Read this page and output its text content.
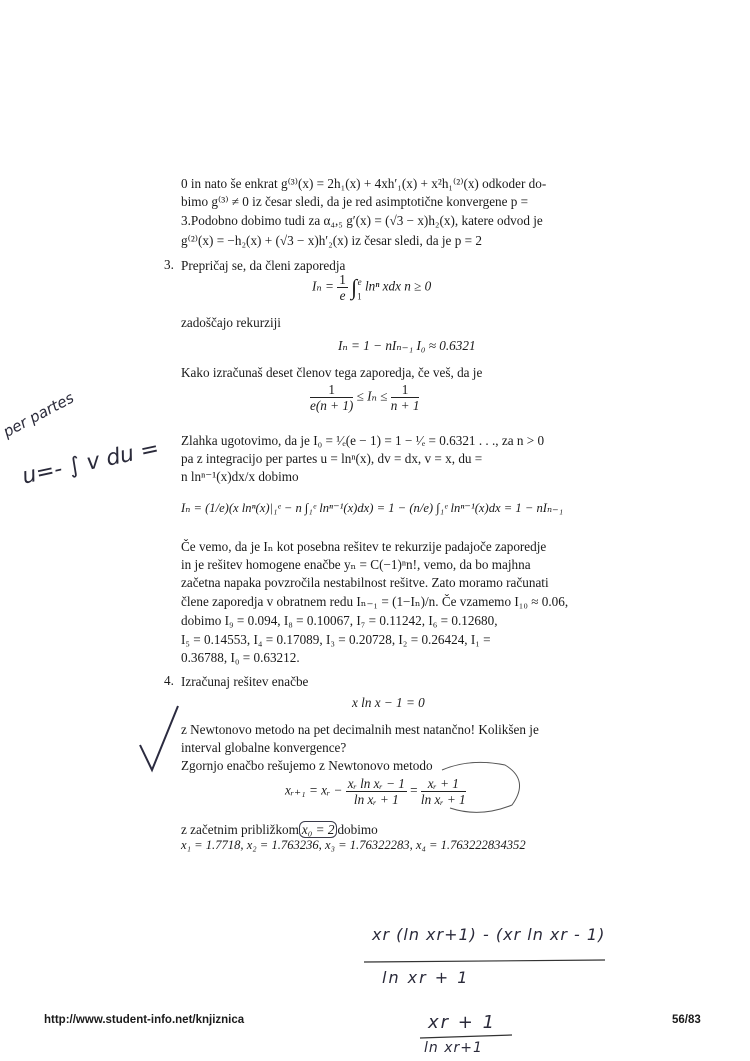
0 in nato še enkrat g⁽³⁾(x) = 2h₁(x) + 4xh′₁(x) + x²h₁⁽²⁾(x) odkoder do-
bimo g⁽³⁾ ≠ 0 iz česar sledi, da je red asimptotične konvergene p =
3.Podobno dobimo tudi za α₄,₅ g′(x) = (√3 − x)h₂(x), katere odvod je
g⁽²⁾(x) = −h₂(x) + (√3 − x)h′₂(x) iz česar sledi, da je p = 2
3. Prepričaj se, da členi zaporedja
$I_n = \frac{1}{e} \int_1^e$ lnⁿ xdx n ≥ 0
zadoščajo rekurziji
Iₙ = 1 − nIₙ₋₁ I₀ ≈ 0.6321
Kako izračunaš deset členov tega zaporedja, če veš, da je
$\frac{1}{e(n + 1)} \le I_n \le \frac{1}{n + 1}$
Zlahka ugotovimo, da je I₀ = ¹⁄ₑ(e − 1) = 1 − ¹⁄ₑ = 0.6321 . . ., za n > 0
pa z integracijo per partes u = lnⁿ(x), dv = dx, v = x, du =
n lnⁿ⁻¹(x)dx/x dobimo
Iₙ = (1/e)(x lnⁿ(x)|₁ᵉ − n ∫₁ᵉ lnⁿ⁻¹(x)dx) = 1 − (n/e) ∫₁ᵉ lnⁿ⁻¹(x)dx = 1 − nIₙ₋₁
Če vemo, da je Iₙ kot posebna rešitev te rekurzije padajoče zaporedje
in je rešitev homogene enačbe yₙ = C(−1)ⁿn!, vemo, da bo majhna
začetna napaka povzročila nestabilnost rešitve. Zato moramo računati
člene zaporedja v obratnem redu Iₙ₋₁ = (1−Iₙ)/n. Če vzamemo I₁₀ ≈ 0.06,
dobimo I₉ = 0.094, I₈ = 0.10067, I₇ = 0.11242, I₆ = 0.12680,
I₅ = 0.14553, I₄ = 0.17089, I₃ = 0.20728, I₂ = 0.26424, I₁ =
0.36788, I₀ = 0.63212.
4. Izračunaj rešitev enačbe
x ln x − 1 = 0
z Newtonovo metodo na pet decimalnih mest natančno! Kolikšen je
interval globalne konvergence?
Zgornjo enačbo rešujemo z Newtonovo metodo
xᵣ₊₁ = xᵣ − $\frac{\text{xᵣ ln xᵣ − 1}}{\text{ln xᵣ + 1}} = \frac{\text{xᵣ + 1}}{\text{ln xᵣ + 1}}$
z začetnim približkom x₀ = 2 dobimo
x₁ = 1.7718, x₂ = 1.763236, x₃ = 1.76322283, x₄ = 1.763222834352
per partes
u=- ∫ v du =
xr (ln xr+1) - (xr ln xr - 1)
ln xr + 1
xr + 1
ln xr+1
http://www.student-info.net/knjiznica	56/83
